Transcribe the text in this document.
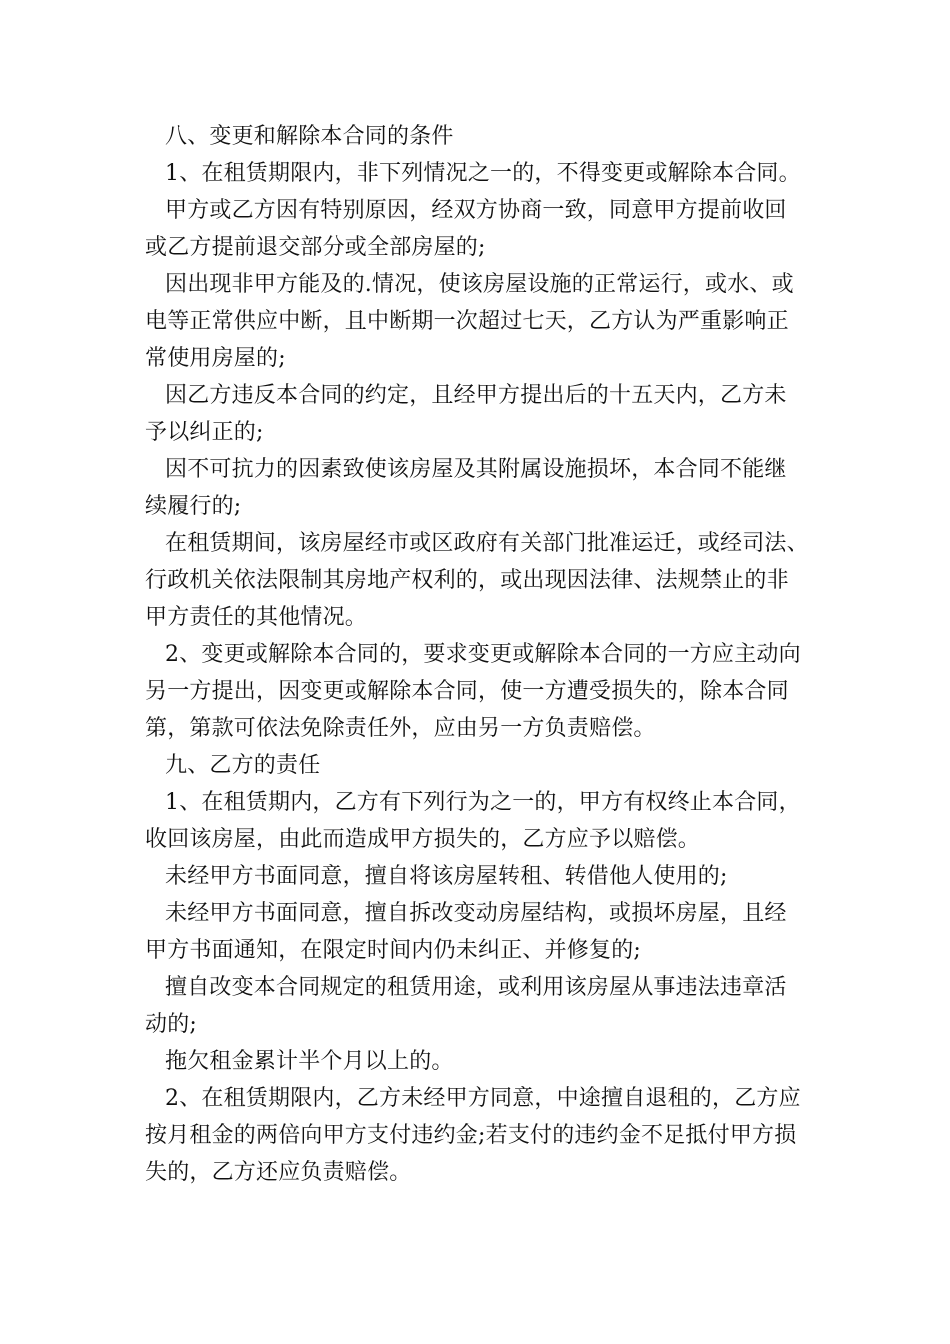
八、变更和解除本合同的条件
1、在租赁期限内，非下列情况之一的，不得变更或解除本合同。
甲方或乙方因有特别原因，经双方协商一致，同意甲方提前收回
或乙方提前退交部分或全部房屋的;
因出现非甲方能及的.情况，使该房屋设施的正常运行，或水、或
电等正常供应中断，且中断期一次超过七天，乙方认为严重影响正
常使用房屋的;
因乙方违反本合同的约定，且经甲方提出后的十五天内，乙方未
予以纠正的;
因不可抗力的因素致使该房屋及其附属设施损坏，本合同不能继
续履行的;
在租赁期间，该房屋经市或区政府有关部门批准运迁，或经司法、
行政机关依法限制其房地产权利的，或出现因法律、法规禁止的非
甲方责任的其他情况。
2、变更或解除本合同的，要求变更或解除本合同的一方应主动向
另一方提出，因变更或解除本合同，使一方遭受损失的，除本合同
第，第款可依法免除责任外，应由另一方负责赔偿。
九、乙方的责任
1、在租赁期内，乙方有下列行为之一的，甲方有权终止本合同，
收回该房屋，由此而造成甲方损失的，乙方应予以赔偿。
未经甲方书面同意，擅自将该房屋转租、转借他人使用的;
未经甲方书面同意，擅自拆改变动房屋结构，或损坏房屋，且经
甲方书面通知，在限定时间内仍未纠正、并修复的;
擅自改变本合同规定的租赁用途，或利用该房屋从事违法违章活
动的;
拖欠租金累计半个月以上的。
2、在租赁期限内，乙方未经甲方同意，中途擅自退租的，乙方应
按月租金的两倍向甲方支付违约金;若支付的违约金不足抵付甲方损
失的，乙方还应负责赔偿。
